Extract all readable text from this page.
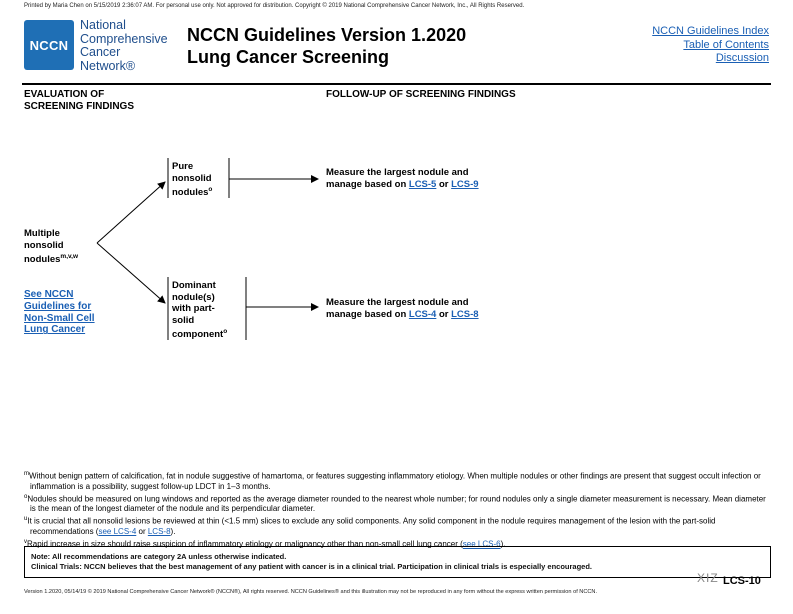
Printed by Maria Chen on 5/15/2019 2:36:07 AM. For personal use only. Not approved for distribution. Copyright © 2019 National Comprehensive Cancer Network, Inc., All Rights Reserved.
NCCN
National
Comprehensive
Cancer
Network®
NCCN Guidelines Version 1.2020
Lung Cancer Screening
NCCN Guidelines Index
Table of Contents
Discussion
EVALUATION OF
SCREENING FINDINGS
FOLLOW-UP OF SCREENING FINDINGS
Multiple
nonsolid
nodules$^{m,v,w}$
See NCCN
Guidelines for
Non-Small Cell
Lung Cancer
Pure
nonsolid
nodules$^o$
Measure the largest nodule and
manage based on LCS-5 or LCS-9
Dominant
nodule(s)
with part-
solid
component$^o$
Measure the largest nodule and
manage based on LCS-4 or LCS-8

$^m$Without benign pattern of calcification, fat in nodule suggestive of hamartoma, or features suggesting inflammatory etiology. When multiple nodules or other findings are present that suggest occult infection or inflammation is a possibility, suggest follow-up LDCT in 1–3 months.

$^o$Nodules should be measured on lung windows and reported as the average diameter rounded to the nearest whole number; for round nodules only a single diameter measurement is necessary. Mean diameter is the mean of the longest diameter of the nodule and its perpendicular diameter.

$^u$It is crucial that all nonsolid lesions be reviewed at thin (<1.5 mm) slices to exclude any solid components. Any solid component in the nodule requires management of the lesion with the part-solid recommendations (see LCS-4 or LCS-8).

$^v$Rapid increase in size should raise suspicion of inflammatory etiology or malignancy other than non-small cell lung cancer (see LCS-6).

Note: All recommendations are category 2A unless otherwise indicated.
Clinical Trials: NCCN believes that the best management of any patient with cancer is in a clinical trial. Participation in clinical trials is especially encouraged.
Version 1.2020, 05/14/19 © 2019 National Comprehensive Cancer Network® (NCCN®), All rights reserved. NCCN Guidelines® and this illustration may not be reproduced in any form without the express written permission of NCCN.
XIZ LCS-10
